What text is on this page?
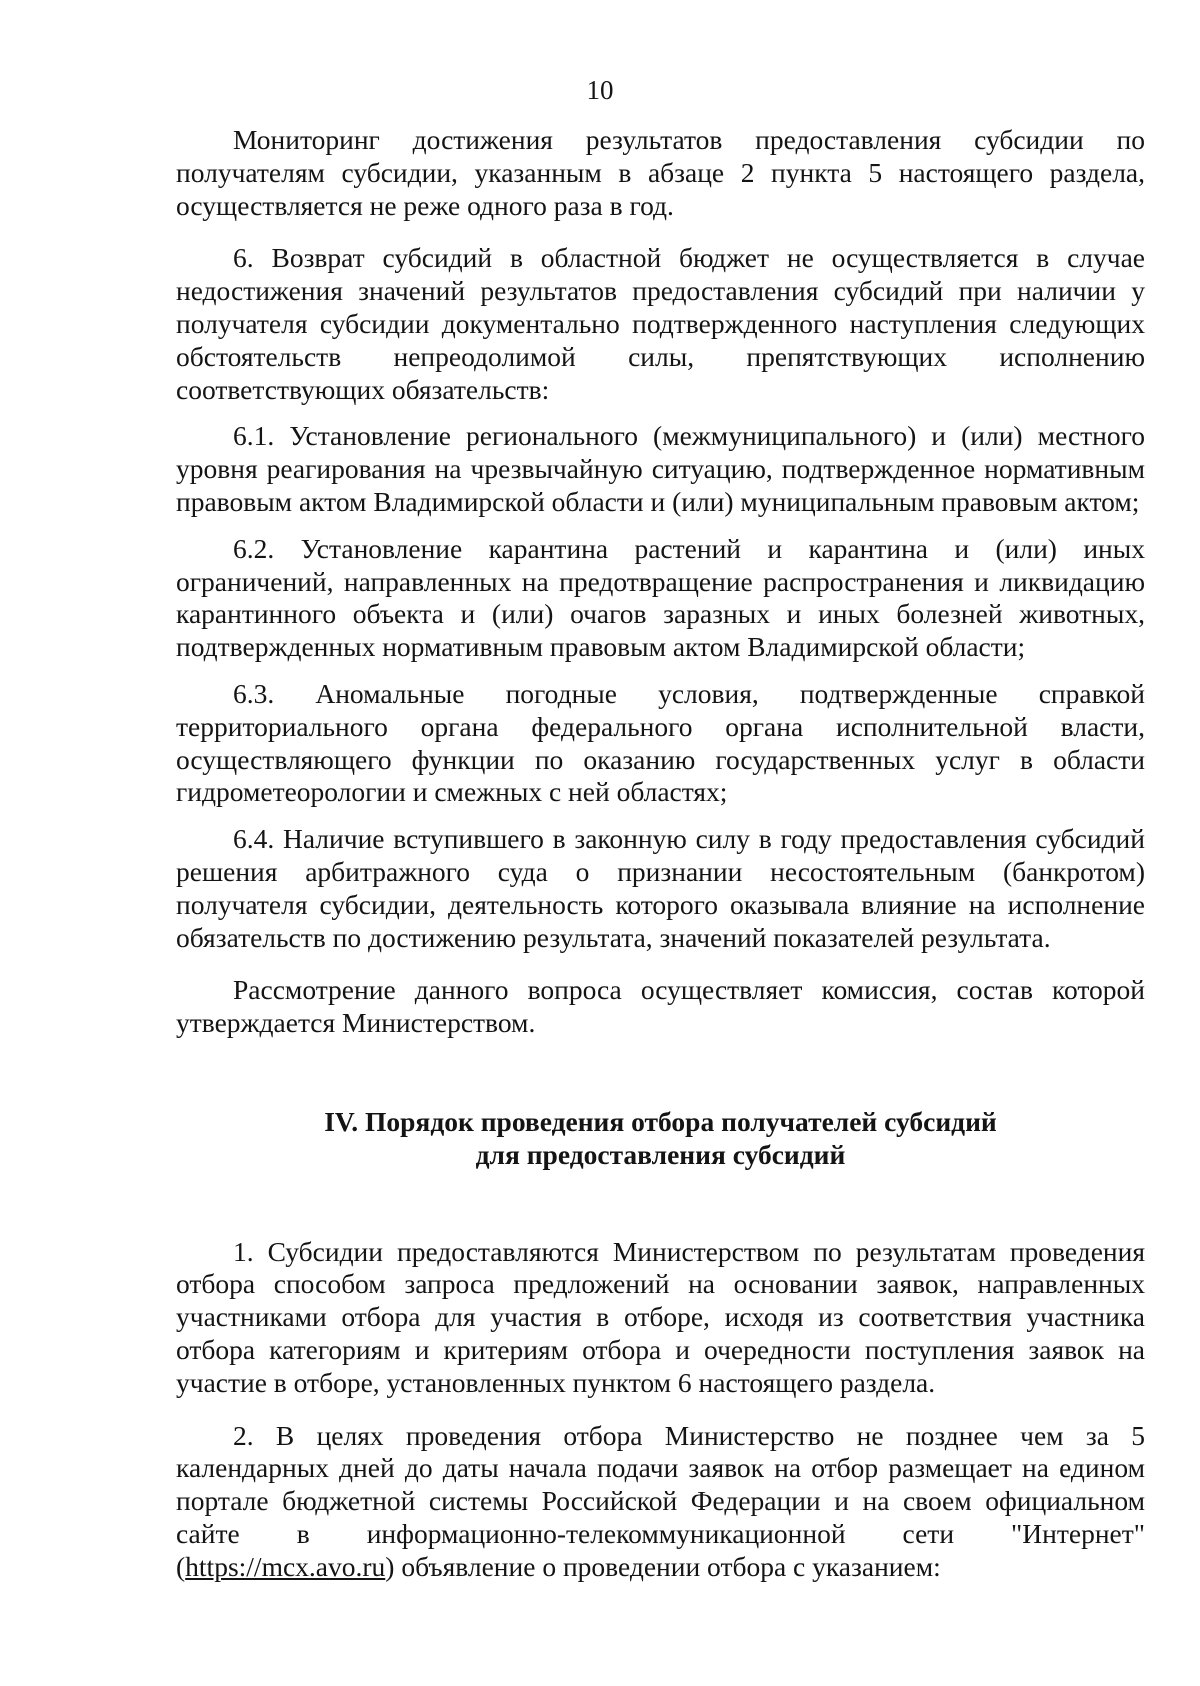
10

Мониторинг достижения результатов предоставления субсидии по получателям субсидии, указанным в абзаце 2 пункта 5 настоящего раздела, осуществляется не реже одного раза в год.

6. Возврат субсидий в областной бюджет не осуществляется в случае недостижения значений результатов предоставления субсидий при наличии у получателя субсидии документально подтвержденного наступления следующих обстоятельств непреодолимой силы, препятствующих исполнению соответствующих обязательств:

6.1. Установление регионального (межмуниципального) и (или) местного уровня реагирования на чрезвычайную ситуацию, подтвержденное нормативным правовым актом Владимирской области и (или) муниципальным правовым актом;

6.2. Установление карантина растений и карантина и (или) иных ограничений, направленных на предотвращение распространения и ликвидацию карантинного объекта и (или) очагов заразных и иных болезней животных, подтвержденных нормативным правовым актом Владимирской области;

6.3. Аномальные погодные условия, подтвержденные справкой территориального органа федерального органа исполнительной власти, осуществляющего функции по оказанию государственных услуг в области гидрометеорологии и смежных с ней областях;

6.4. Наличие вступившего в законную силу в году предоставления субсидий решения арбитражного суда о признании несостоятельным (банкротом) получателя субсидии, деятельность которого оказывала влияние на исполнение обязательств по достижению результата, значений показателей результата.

Рассмотрение данного вопроса осуществляет комиссия, состав которой утверждается Министерством.

IV. Порядок проведения отбора получателей субсидий
для предоставления субсидий

1. Субсидии предоставляются Министерством по результатам проведения отбора способом запроса предложений на основании заявок, направленных участниками отбора для участия в отборе, исходя из соответствия участника отбора категориям и критериям отбора и очередности поступления заявок на участие в отборе, установленных пунктом 6 настоящего раздела.

2. В целях проведения отбора Министерство не позднее чем за 5 календарных дней до даты начала подачи заявок на отбор размещает на едином портале бюджетной системы Российской Федерации и на своем официальном сайте в информационно-телекоммуникационной сети "Интернет" (https://mcx.avo.ru) объявление о проведении отбора с указанием:
